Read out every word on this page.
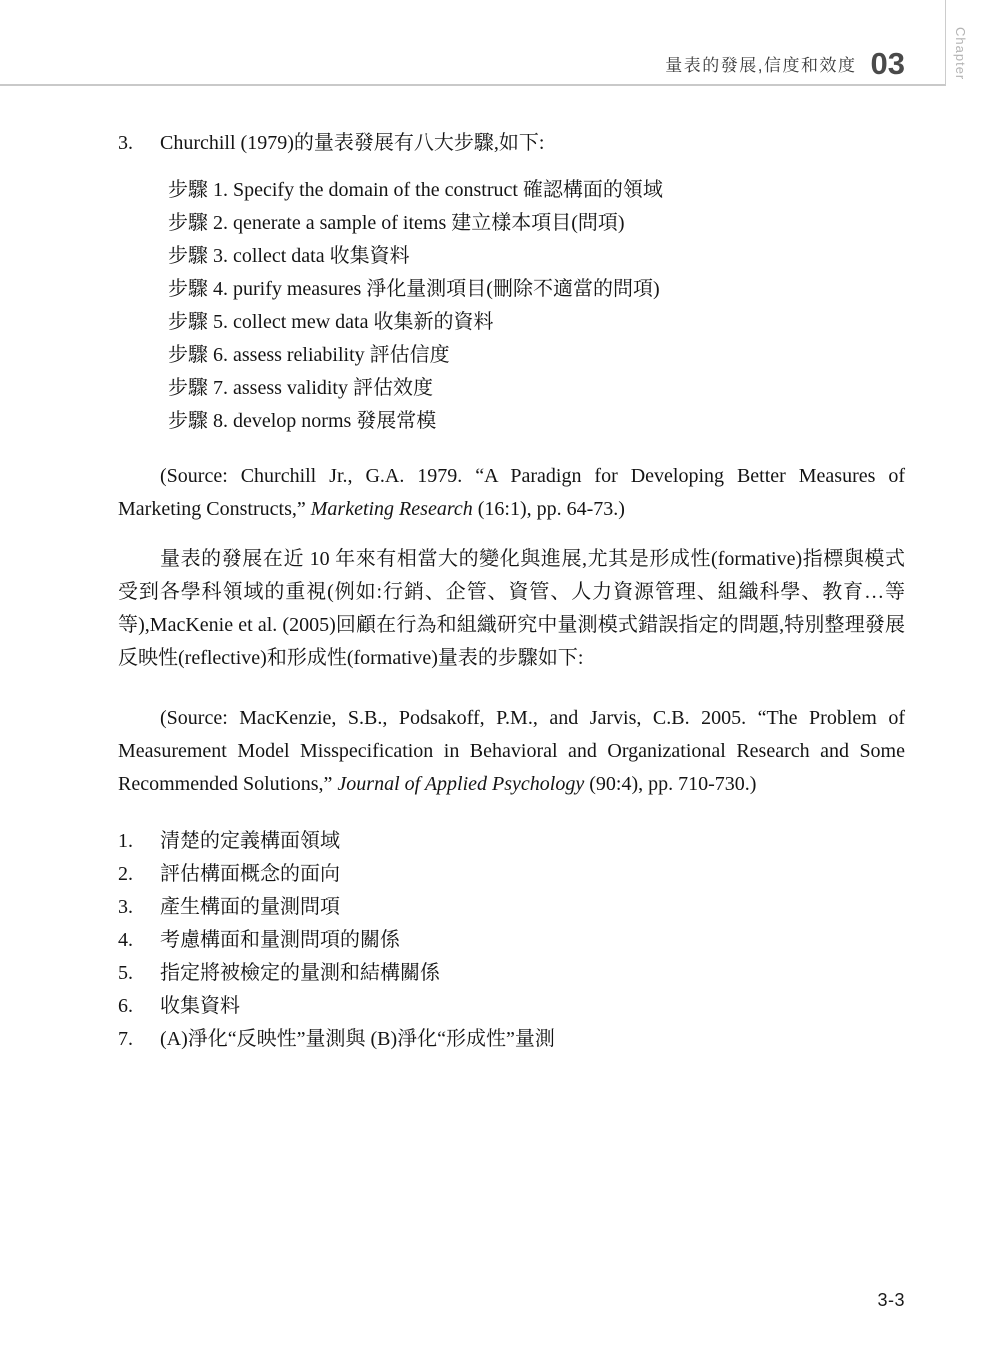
量表的發展,信度和效度 03	Chapter
3.	Churchill (1979)的量表發展有八大步驟,如下:
步驟 1. Specify the domain of the construct 確認構面的領域
步驟 2. qenerate a sample of items 建立樣本項目(問項)
步驟 3. collect data 收集資料
步驟 4. purify measures 淨化量測項目(刪除不適當的問項)
步驟 5. collect mew data 收集新的資料
步驟 6. assess reliability 評估信度
步驟 7. assess validity 評估效度
步驟 8. develop norms 發展常模

(Source: Churchill Jr., G.A. 1979. “A Paradign for Developing Better Measures of Marketing Constructs,” Marketing Research (16:1), pp. 64-73.)

量表的發展在近 10 年來有相當大的變化與進展,尤其是形成性(formative)指標與模式受到各學科領域的重視(例如:行銷、企管、資管、人力資源管理、組織科學、教育…等等),MacKenie et al. (2005)回顧在行為和組織研究中量測模式錯誤指定的問題,特別整理發展反映性(reflective)和形成性(formative)量表的步驟如下:

(Source: MacKenzie, S.B., Podsakoff, P.M., and Jarvis, C.B. 2005. “The Problem of Measurement Model Misspecification in Behavioral and Organizational Research and Some Recommended Solutions,” Journal of Applied Psychology (90:4), pp. 710-730.)

1.	清楚的定義構面領域
2.	評估構面概念的面向
3.	產生構面的量測問項
4.	考慮構面和量測問項的關係
5.	指定將被檢定的量測和結構關係
6.	收集資料
7.	(A)淨化“反映性”量測與 (B)淨化“形成性”量測
3-3
